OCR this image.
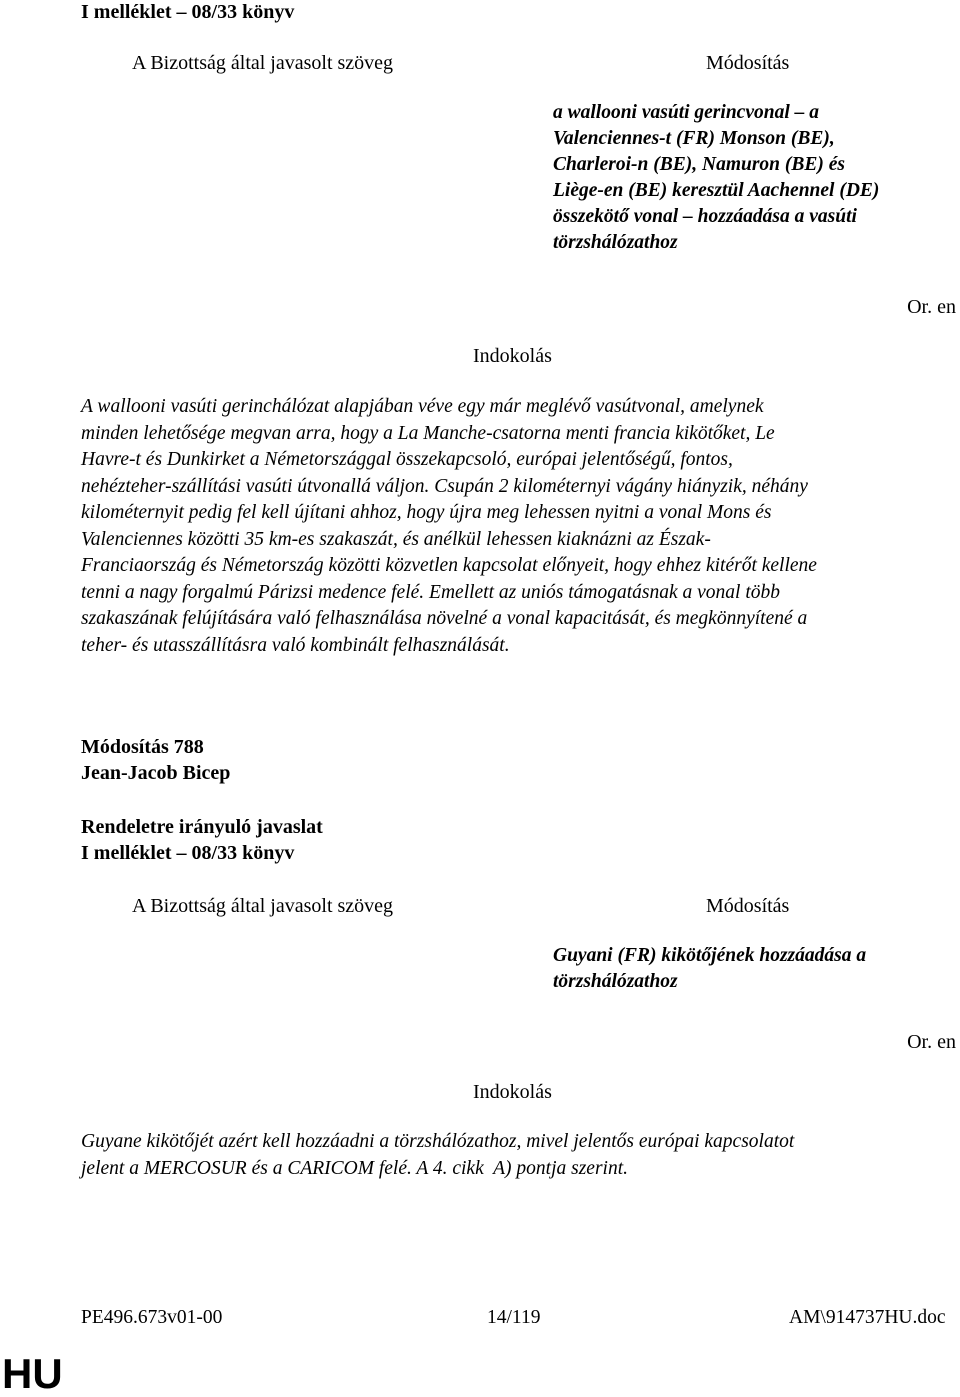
I melléklet – 08/33 könyv
A Bizottság által javasolt szöveg	Módosítás
a wallooni vasúti gerincvonal – a
Valenciennes-t (FR) Monson (BE),
Charleroi-n (BE), Namuron (BE) és
Liège-en (BE) keresztül Aachennel (DE)
összekötő vonal – hozzáadása a vasúti
törzshálózathoz
Or. en
Indokolás
A wallooni vasúti gerinchálózat alapjában véve egy már meglévő vasútvonal, amelynek
minden lehetősége megvan arra, hogy a La Manche-csatorna menti francia kikötőket, Le
Havre-t és Dunkirket a Németországgal összekapcsoló, európai jelentőségű, fontos,
nehézteher-szállítási vasúti útvonallá váljon. Csupán 2 kilométernyi vágány hiányzik, néhány
kilométernyit pedig fel kell újítani ahhoz, hogy újra meg lehessen nyitni a vonal Mons és
Valenciennes közötti 35 km-es szakaszát, és anélkül lehessen kiaknázni az Észak-
Franciaország és Németország közötti közvetlen kapcsolat előnyeit, hogy ehhez kitérőt kellene
tenni a nagy forgalmú Párizsi medence felé. Emellett az uniós támogatásnak a vonal több
szakaszának felújítására való felhasználása növelné a vonal kapacitását, és megkönnyítené a
teher- és utasszállításra való kombinált felhasználását.
Módosítás 788
Jean-Jacob Bicep
Rendeletre irányuló javaslat
I melléklet – 08/33 könyv
A Bizottság által javasolt szöveg	Módosítás
Guyani (FR) kikötőjének hozzáadása a
törzshálózathoz
Or. en
Indokolás
Guyane kikötőjét azért kell hozzáadni a törzshálózathoz, mivel jelentős európai kapcsolatot
jelent a MERCOSUR és a CARICOM felé. A 4. cikk  A) pontja szerint.
PE496.673v01-00	14/119	AM\914737HU.doc
HU
